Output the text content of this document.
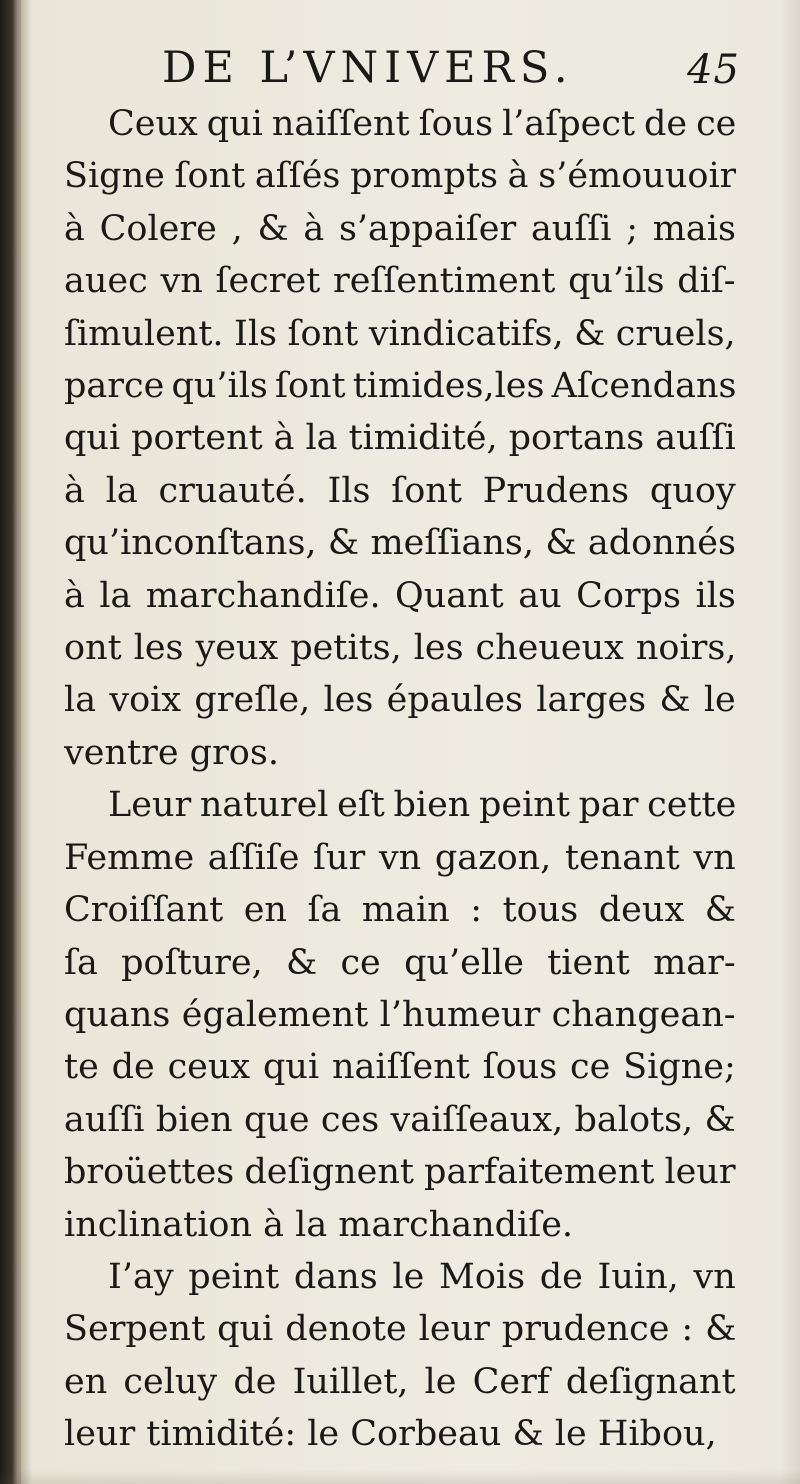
DE L’VNIVERS.	45

Ceux qui naiſſent ſous l’aſpect de ce
Signe ſont aſſés prompts à s’émouuoir
à Colere , & à s’appaiſer auſſi ; mais
auec vn ſecret reſſentiment qu’ils diſ-
ſimulent. Ils ſont vindicatifs, & cruels,
parce qu’ils ſont timides,les Aſcendans
qui portent à la timidité, portans auſſi
à la cruauté. Ils ſont Prudens quoy
qu’inconſtans, & meſſians, & adonnés
à la marchandiſe. Quant au Corps ils
ont les yeux petits, les cheueux noirs,
la voix greſle, les épaules larges & le
ventre gros.

Leur naturel eſt bien peint par cette
Femme aſſiſe ſur vn gazon, tenant vn
Croiſſant en ſa main : tous deux &
ſa poſture, & ce qu’elle tient mar-
quans également l’humeur changean-
te de ceux qui naiſſent ſous ce Signe;
auſſi bien que ces vaiſſeaux, balots, &
broüettes deſignent parfaitement leur
inclination à la marchandiſe.

I’ay peint dans le Mois de Iuin, vn
Serpent qui denote leur prudence : &
en celuy de Iuillet, le Cerf deſignant
leur timidité: le Corbeau & le Hibou,
